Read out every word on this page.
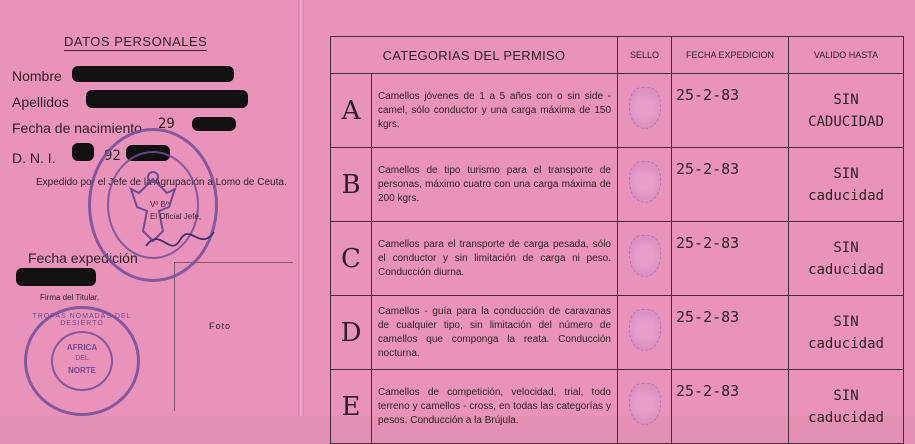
DATOS PERSONALES
Nombre
Apellidos
Fecha de nacimiento 29
D. N. I.	92
Expedido por el Jefe de la Agrupación a Lomo de Ceuta.
Fecha expedición
Firma del Titular,
Foto
Vº Bº
El Oficial Jefe,
TROPAS NOMADAS DEL DESIERTO
AFRICA
DEL
NORTE
CATEGORIAS DEL PERMISO		SELLO	FECHA EXPEDICION	VALIDO HASTA
A	Camellos jóvenes de 1 a 5 años con o sin side - camel, sólo conductor y una carga máxima de 150 kgrs.		25-2-83	SIN
CADUCIDAD

B	Camellos de tipo turismo para el transporte de personas, máximo cuatro con una carga máxima de 200 kgrs.		25-2-83	SIN
caducidad

C	Camellos para el transporte de carga pesada, sólo el conductor y sin limitación de carga ni peso. Conducción diurna.		25-2-83	SIN
caducidad

D	Camellos - guía para la conducción de caravanas de cualquier tipo, sin limitación del número de camellos que componga la reata. Conducción nocturna.		25-2-83	SIN
caducidad

E	Camellos de competición, velocidad, trial, todo terreno y camellos - cross, en todas las categorías y pesos. Conducción a la Brújula.		25-2-83	SIN
caducidad
